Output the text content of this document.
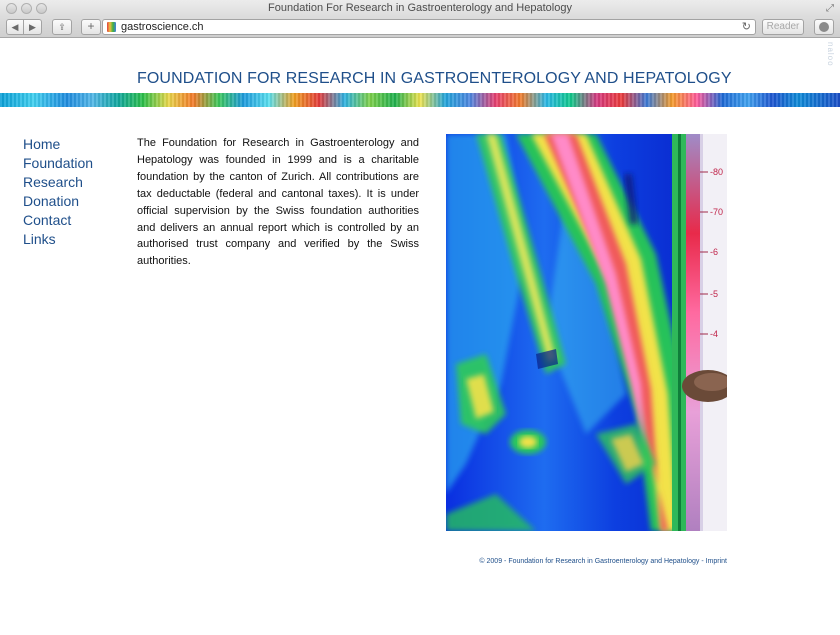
Foundation For Research in Gastroenterology and Hepatology	⤢
◀	▶	⇪	+	gastroscience.ch	↻	Reader
FOUNDATION FOR RESEARCH IN GASTROENTEROLOGY AND HEPATOLOGY
naloo
Home
Foundation
Research
Donation
Contact
Links

The Foundation for Research in Gastroenterology and Hepatology was founded in 1999 and is a charitable foundation by the canton of Zurich. All contributions are tax deductable (federal and cantonal taxes). It is under official supervision by the Swiss foundation authorities and delivers an annual report which is controlled by an authorised trust company and verified by the Swiss authorities.

-80
-70
-6
-5
-4
© 2009 - Foundation for Research in Gastroenterology and Hepatology - Imprint
